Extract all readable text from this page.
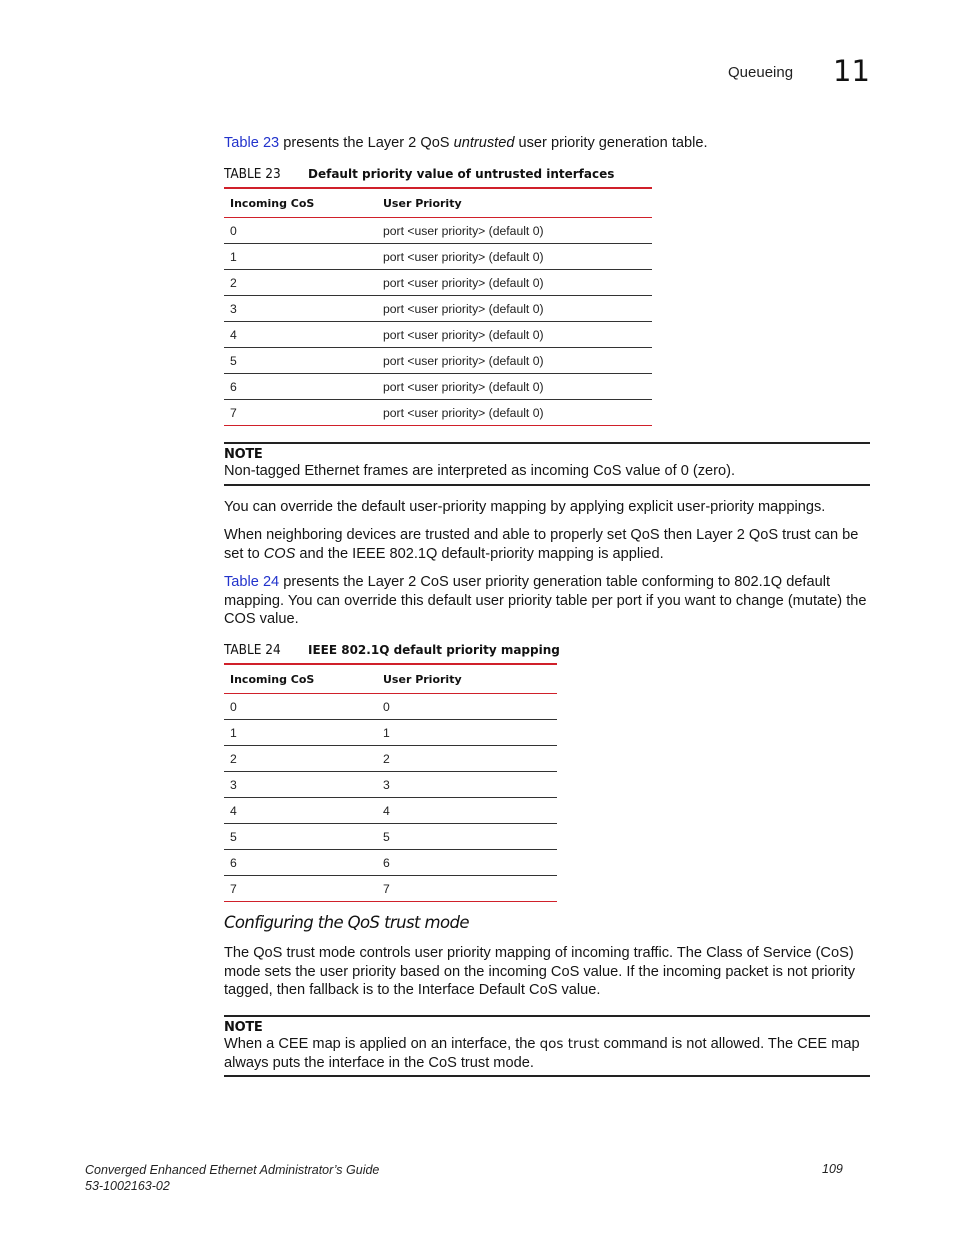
Queueing 11
Table 23 presents the Layer 2 QoS untrusted user priority generation table.
TABLE 23 Default priority value of untrusted interfaces
Incoming CoS	User Priority
0	port <user priority> (default 0)
1	port <user priority> (default 0)
2	port <user priority> (default 0)
3	port <user priority> (default 0)
4	port <user priority> (default 0)
5	port <user priority> (default 0)
6	port <user priority> (default 0)
7	port <user priority> (default 0)
NOTE
Non-tagged Ethernet frames are interpreted as incoming CoS value of 0 (zero).
You can override the default user-priority mapping by applying explicit user-priority mappings.
When neighboring devices are trusted and able to properly set QoS then Layer 2 QoS trust can be set to COS and the IEEE 802.1Q default-priority mapping is applied.
Table 24 presents the Layer 2 CoS user priority generation table conforming to 802.1Q default mapping. You can override this default user priority table per port if you want to change (mutate) the COS value.
TABLE 24 IEEE 802.1Q default priority mapping
Incoming CoS	User Priority
0	0
1	1
2	2
3	3
4	4
5	5
6	6
7	7
Configuring the QoS trust mode
The QoS trust mode controls user priority mapping of incoming traffic. The Class of Service (CoS) mode sets the user priority based on the incoming CoS value. If the incoming packet is not priority tagged, then fallback is to the Interface Default CoS value.
NOTE
When a CEE map is applied on an interface, the qos trust command is not allowed. The CEE map always puts the interface in the CoS trust mode.
Converged Enhanced Ethernet Administrator’s Guide
53-1002163-02
109
